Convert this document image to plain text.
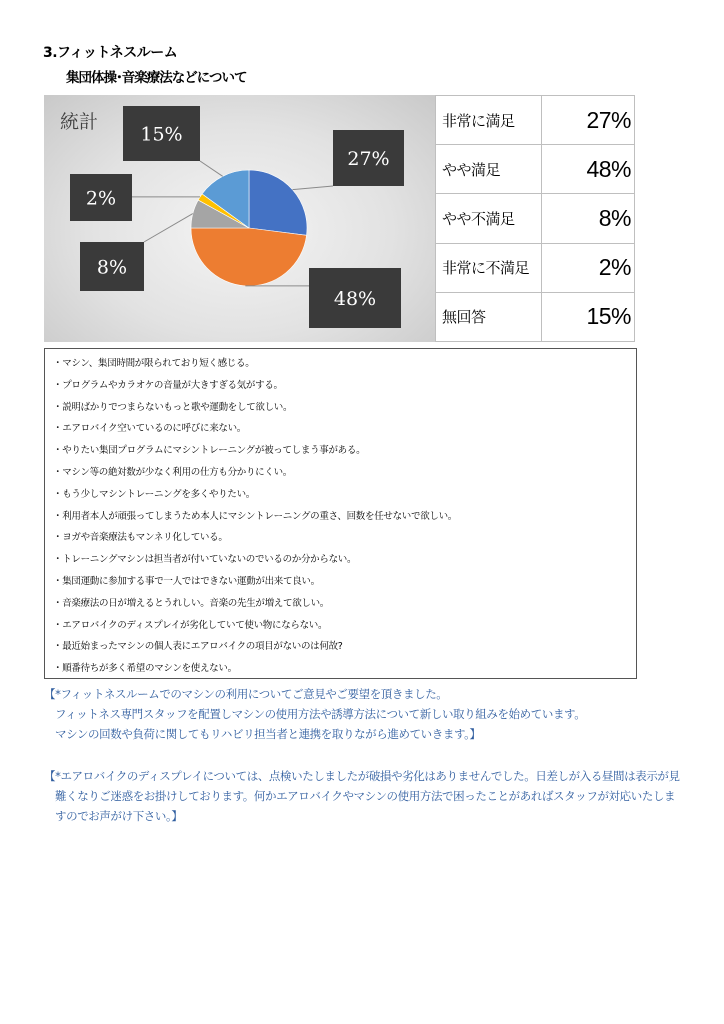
3.フィットネスルーム
集団体操･音楽療法などについて
統計
27%
48%
8%
2%
15%
非常に満足	27%
やや満足	48%
やや不満足	8%
非常に不満足	2%
無回答	15%
・マシン、集団時間が限られており短く感じる。
・プログラムやカラオケの音量が大きすぎる気がする。
・説明ばかりでつまらないもっと歌や運動をして欲しい。
・エアロバイク空いているのに呼びに来ない。
・やりたい集団プログラムにマシントレーニングが被ってしまう事がある。
・マシン等の絶対数が少なく利用の仕方も分かりにくい。
・もう少しマシントレーニングを多くやりたい。
・利用者本人が頑張ってしまうため本人にマシントレーニングの重さ、回数を任せないで欲しい。
・ヨガや音楽療法もマンネリ化している。
・トレーニングマシンは担当者が付いていないのでいるのか分からない。
・集団運動に参加する事で一人ではできない運動が出来て良い。
・音楽療法の日が増えるとうれしい。音楽の先生が増えて欲しい。
・エアロバイクのディスプレイが劣化していて使い物にならない。
・最近始まったマシンの個人表にエアロバイクの項目がないのは何故?
・順番待ちが多く希望のマシンを使えない。
【*フィットネスルームでのマシンの利用についてご意見やご要望を頂きました。
フィットネス専門スタッフを配置しマシンの使用方法や誘導方法について新しい取り組みを始めています。
マシンの回数や負荷に関してもリハビリ担当者と連携を取りながら進めていきます。】
【*エアロバイクのディスプレイについては、点検いたしましたが破損や劣化はありませんでした。日差しが入る昼間は表示が見
難くなりご迷惑をお掛けしております。何かエアロバイクやマシンの使用方法で困ったことがあればスタッフが対応いたしま
すのでお声がけ下さい。】
